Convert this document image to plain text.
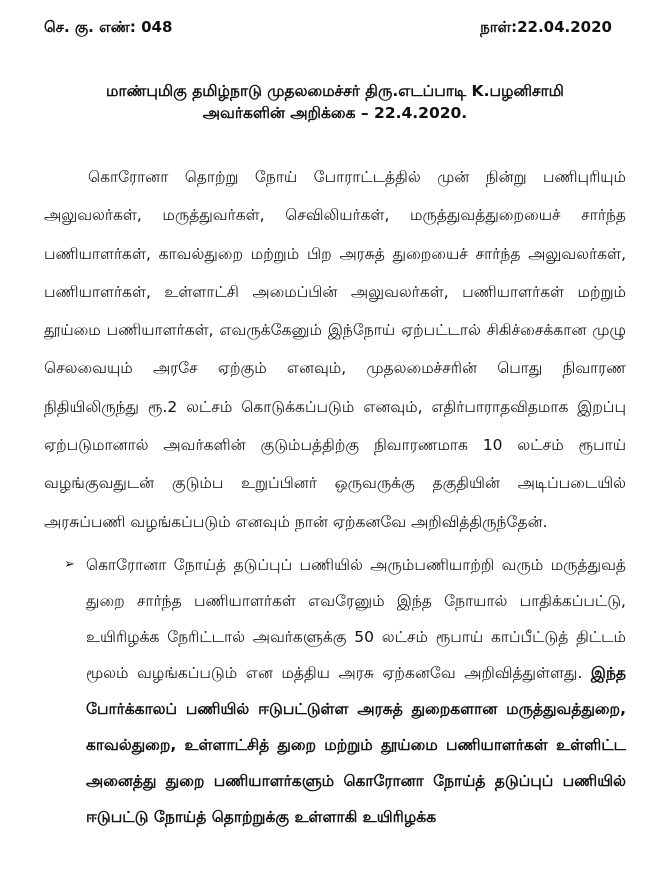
செ. கு. எண்: 048	நாள்:22.04.2020
மாண்புமிகு தமிழ்நாடு முதலமைச்சர் திரு.எடப்பாடி K.பழனிசாமி
அவர்களின் அறிக்கை – 22.4.2020.
கொரோனா தொற்று நோய் போராட்டத்தில் முன் நின்று பணிபுரியும் அலுவலர்கள், மருத்துவர்கள், செவிலியர்கள், மருத்துவத்துறையைச் சார்ந்த பணியாளர்கள், காவல்துறை மற்றும் பிற அரசுத் துறையைச் சார்ந்த அலுவலர்கள், பணியாளர்கள், உள்ளாட்சி அமைப்பின் அலுவலர்கள், பணியாளர்கள் மற்றும் தூய்மை பணியாளர்கள், எவருக்கேனும் இந்நோய் ஏற்பட்டால் சிகிச்சைக்கான முழு செலவையும் அரசே ஏற்கும் எனவும், முதலமைச்சரின் பொது நிவாரண நிதியிலிருந்து ரூ.2 லட்சம் கொடுக்கப்படும் எனவும், எதிர்பாராதவிதமாக இறப்பு ஏற்படுமானால் அவர்களின் குடும்பத்திற்கு நிவாரணமாக 10 லட்சம் ரூபாய் வழங்குவதுடன் குடும்ப உறுப்பினர் ஒருவருக்கு தகுதியின் அடிப்படையில் அரசுப்பணி வழங்கப்படும் எனவும் நான் ஏற்கனவே அறிவித்திருந்தேன்.
➢ கொரோனா நோய்த் தடுப்புப் பணியில் அரும்பணியாற்றி வரும் மருத்துவத் துறை சார்ந்த பணியாளர்கள் எவரேனும் இந்த நோயால் பாதிக்கப்பட்டு, உயிரிழக்க நேரிட்டால் அவர்களுக்கு 50 லட்சம் ரூபாய் காப்பீட்டுத் திட்டம் மூலம் வழங்கப்படும் என மத்திய அரசு ஏற்கனவே அறிவித்துள்ளது. இந்த போர்க்காலப் பணியில் ஈடுபட்டுள்ள அரசுத் துறைகளான மருத்துவத்துறை, காவல்துறை, உள்ளாட்சித் துறை மற்றும் தூய்மை பணியாளர்கள் உள்ளிட்ட அனைத்து துறை பணியாளர்களும் கொரோனா நோய்த் தடுப்புப் பணியில் ஈடுபட்டு நோய்த் தொற்றுக்கு உள்ளாகி உயிரிழக்க
